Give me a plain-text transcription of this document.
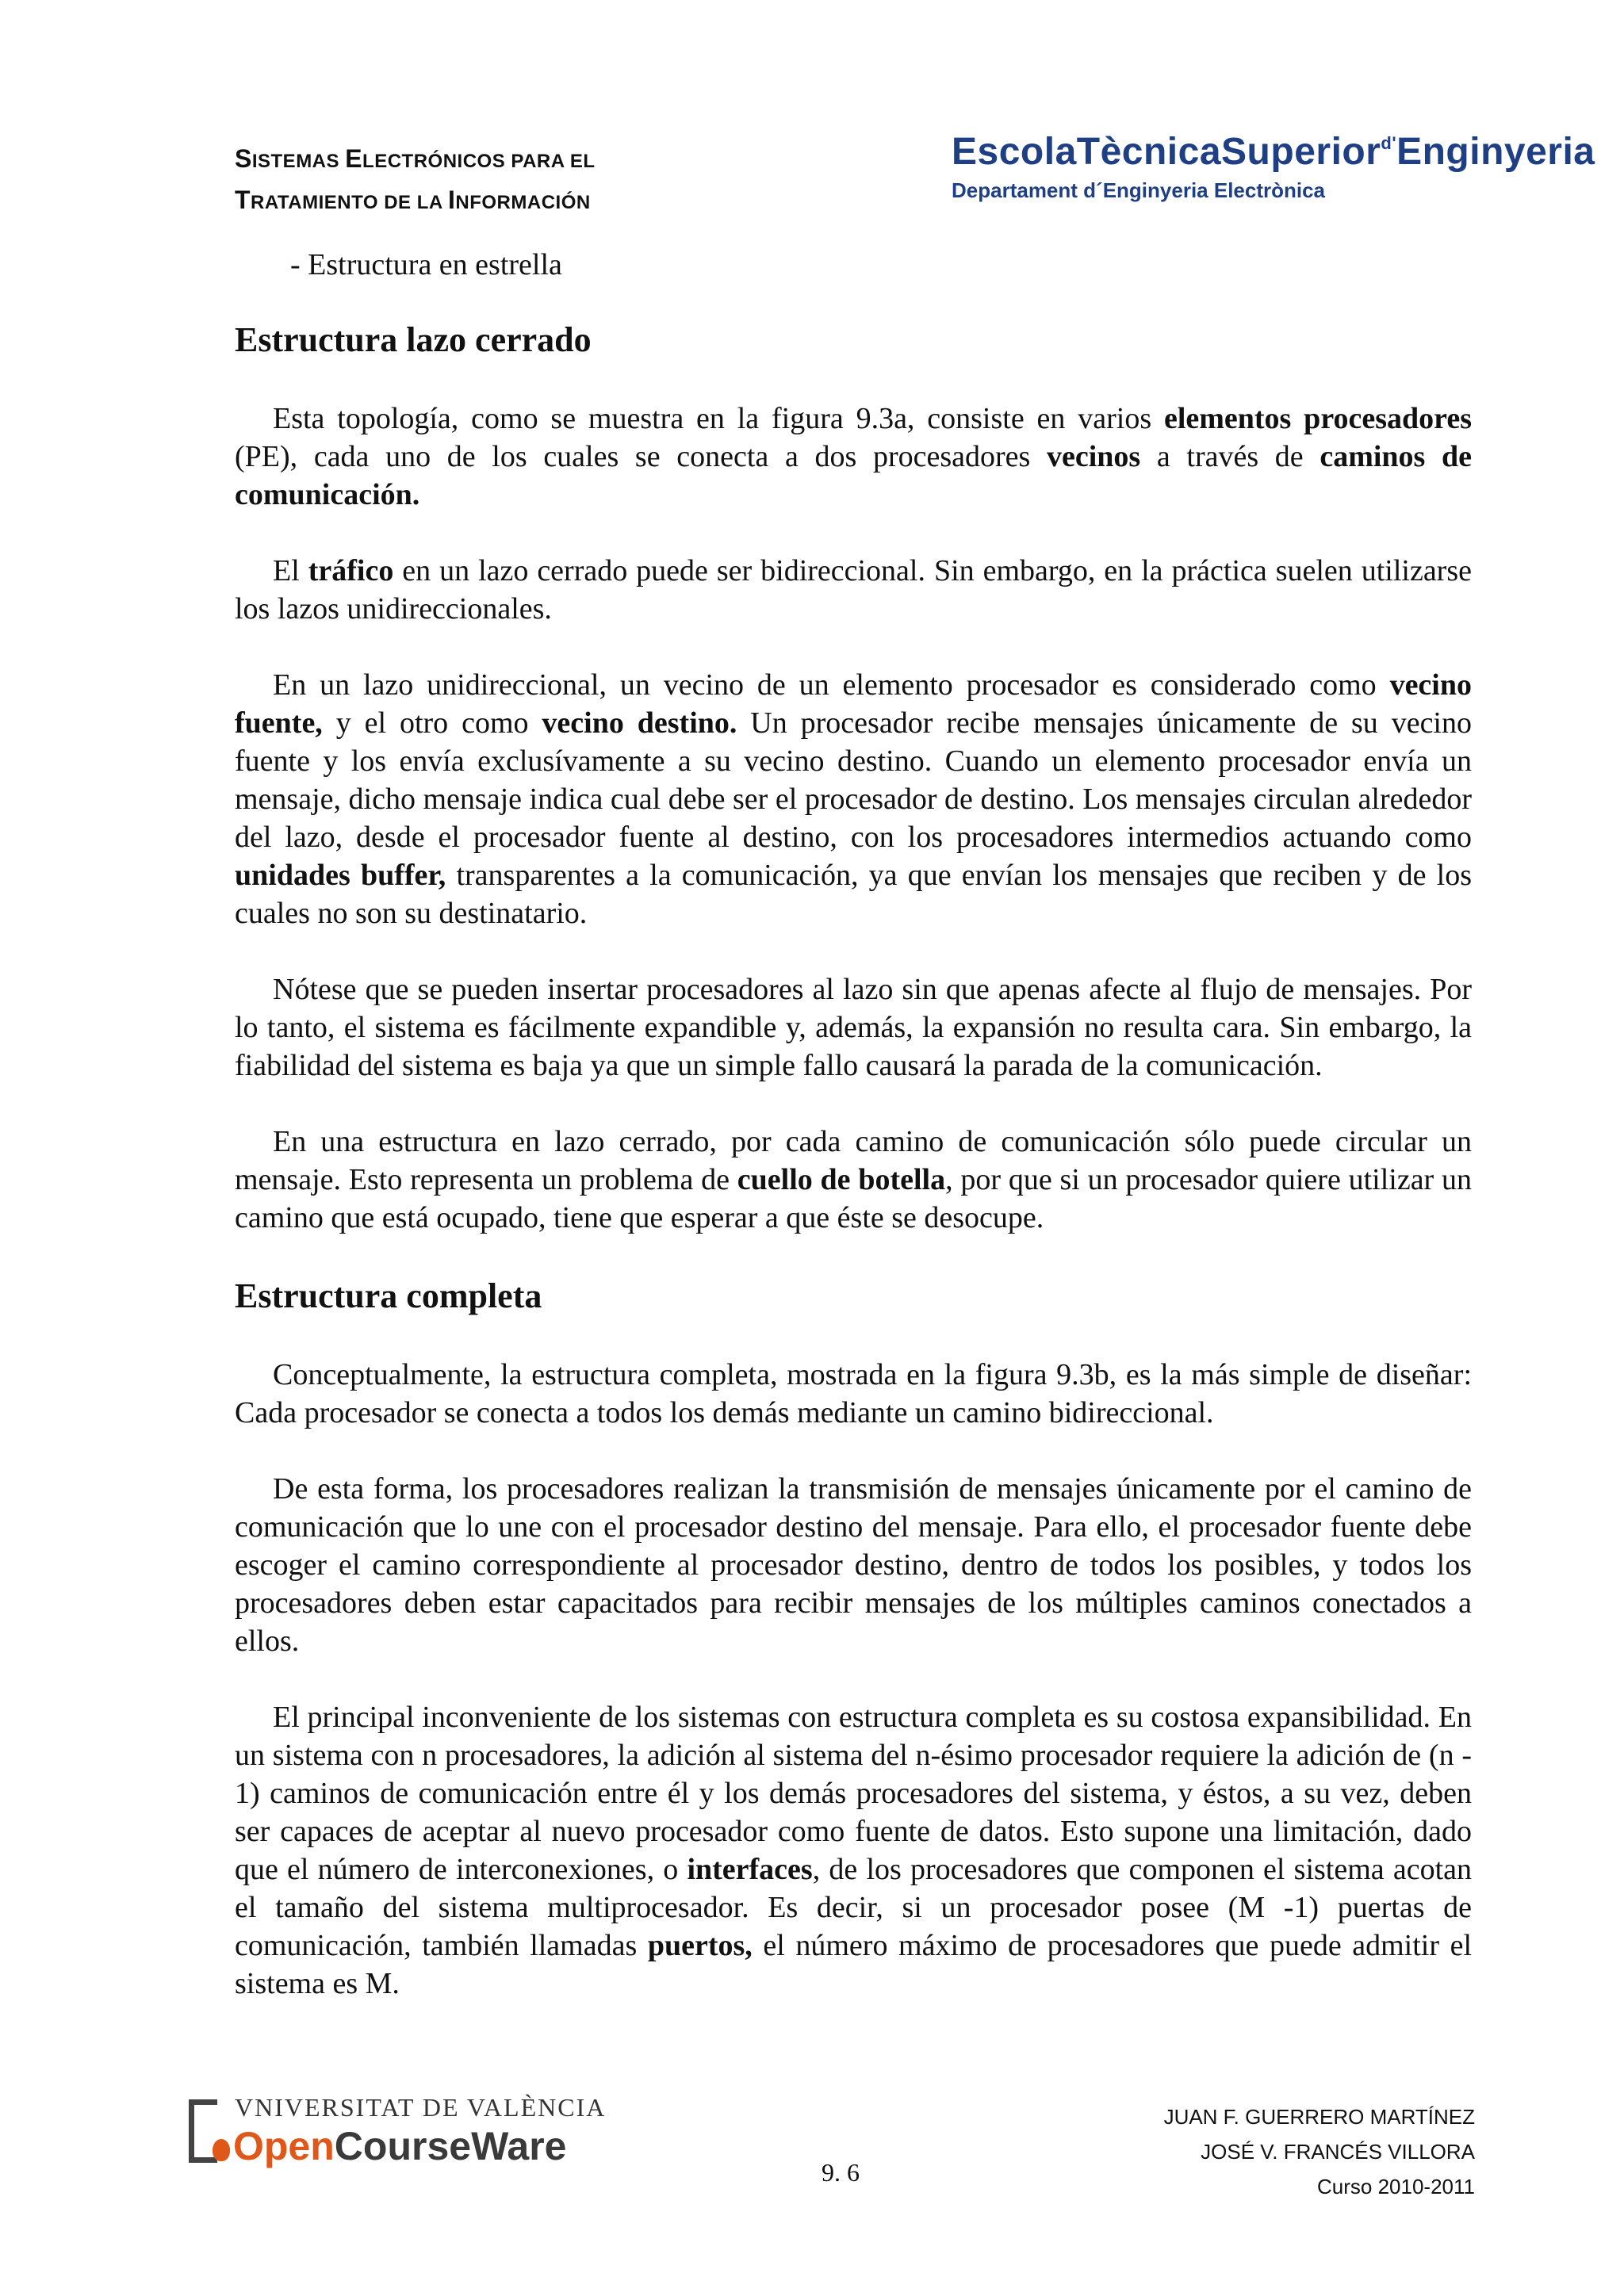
SISTEMAS ELECTRÓNICOS PARA EL
TRATAMIENTO DE LA INFORMACIÓN
EscolaTècnicaSuperior$^{d'}$Enginyeria
Departament d´Enginyeria Electrònica
- Estructura en estrella
Estructura lazo cerrado

Esta topología, como se muestra en la figura 9.3a, consiste en varios elementos procesadores (PE), cada uno de los cuales se conecta a dos procesadores vecinos a través de caminos de comunicación.

El tráfico en un lazo cerrado puede ser bidireccional. Sin embargo, en la práctica suelen utilizarse los lazos unidireccionales.

En un lazo unidireccional, un vecino de un elemento procesador es considerado como vecino fuente, y el otro como vecino destino. Un procesador recibe mensajes únicamente de su vecino fuente y los envía exclusívamente a su vecino destino. Cuando un elemento procesador envía un mensaje, dicho mensaje indica cual debe ser el procesador de destino. Los mensajes circulan alrededor del lazo, desde el procesador fuente al destino, con los procesadores intermedios actuando como unidades buffer, transparentes a la comunicación, ya que envían los mensajes que reciben y de los cuales no son su destinatario.

Nótese que se pueden insertar procesadores al lazo sin que apenas afecte al flujo de mensajes. Por lo tanto, el sistema es fácilmente expandible y, además, la expansión no resulta cara. Sin embargo, la fiabilidad del sistema es baja ya que un simple fallo causará la parada de la comunicación.

En una estructura en lazo cerrado, por cada camino de comunicación sólo puede circular un mensaje. Esto representa un problema de cuello de botella, por que si un procesador quiere utilizar un camino que está ocupado, tiene que esperar a que éste se desocupe.

Estructura completa

Conceptualmente, la estructura completa, mostrada en la figura 9.3b, es la más simple de diseñar: Cada procesador se conecta a todos los demás mediante un camino bidireccional.

De esta forma, los procesadores realizan la transmisión de mensajes únicamente por el camino de comunicación que lo une con el procesador destino del mensaje. Para ello, el procesador fuente debe escoger el camino correspondiente al procesador destino, dentro de todos los posibles, y todos los procesadores deben estar capacitados para recibir mensajes de los múltiples caminos conectados a ellos.

El principal inconveniente de los sistemas con estructura completa es su costosa expansibilidad. En un sistema con n procesadores, la adición al sistema del n-ésimo procesador requiere la adición de (n - 1) caminos de comunicación entre él y los demás procesadores del sistema, y éstos, a su vez, deben ser capaces de aceptar al nuevo procesador como fuente de datos. Esto supone una limitación, dado que el número de interconexiones, o interfaces, de los procesadores que componen el sistema acotan el tamaño del sistema multiprocesador. Es decir, si un procesador posee (M -1) puertas de comunicación, también llamadas puertos, el número máximo de procesadores que puede admitir el sistema es M.

VNIVERSITAT DE VALÈNCIA
OpenCourseWare
9. 6
JUAN F. GUERRERO MARTÍNEZ
JOSÉ V. FRANCÉS VILLORA
Curso 2010-2011
